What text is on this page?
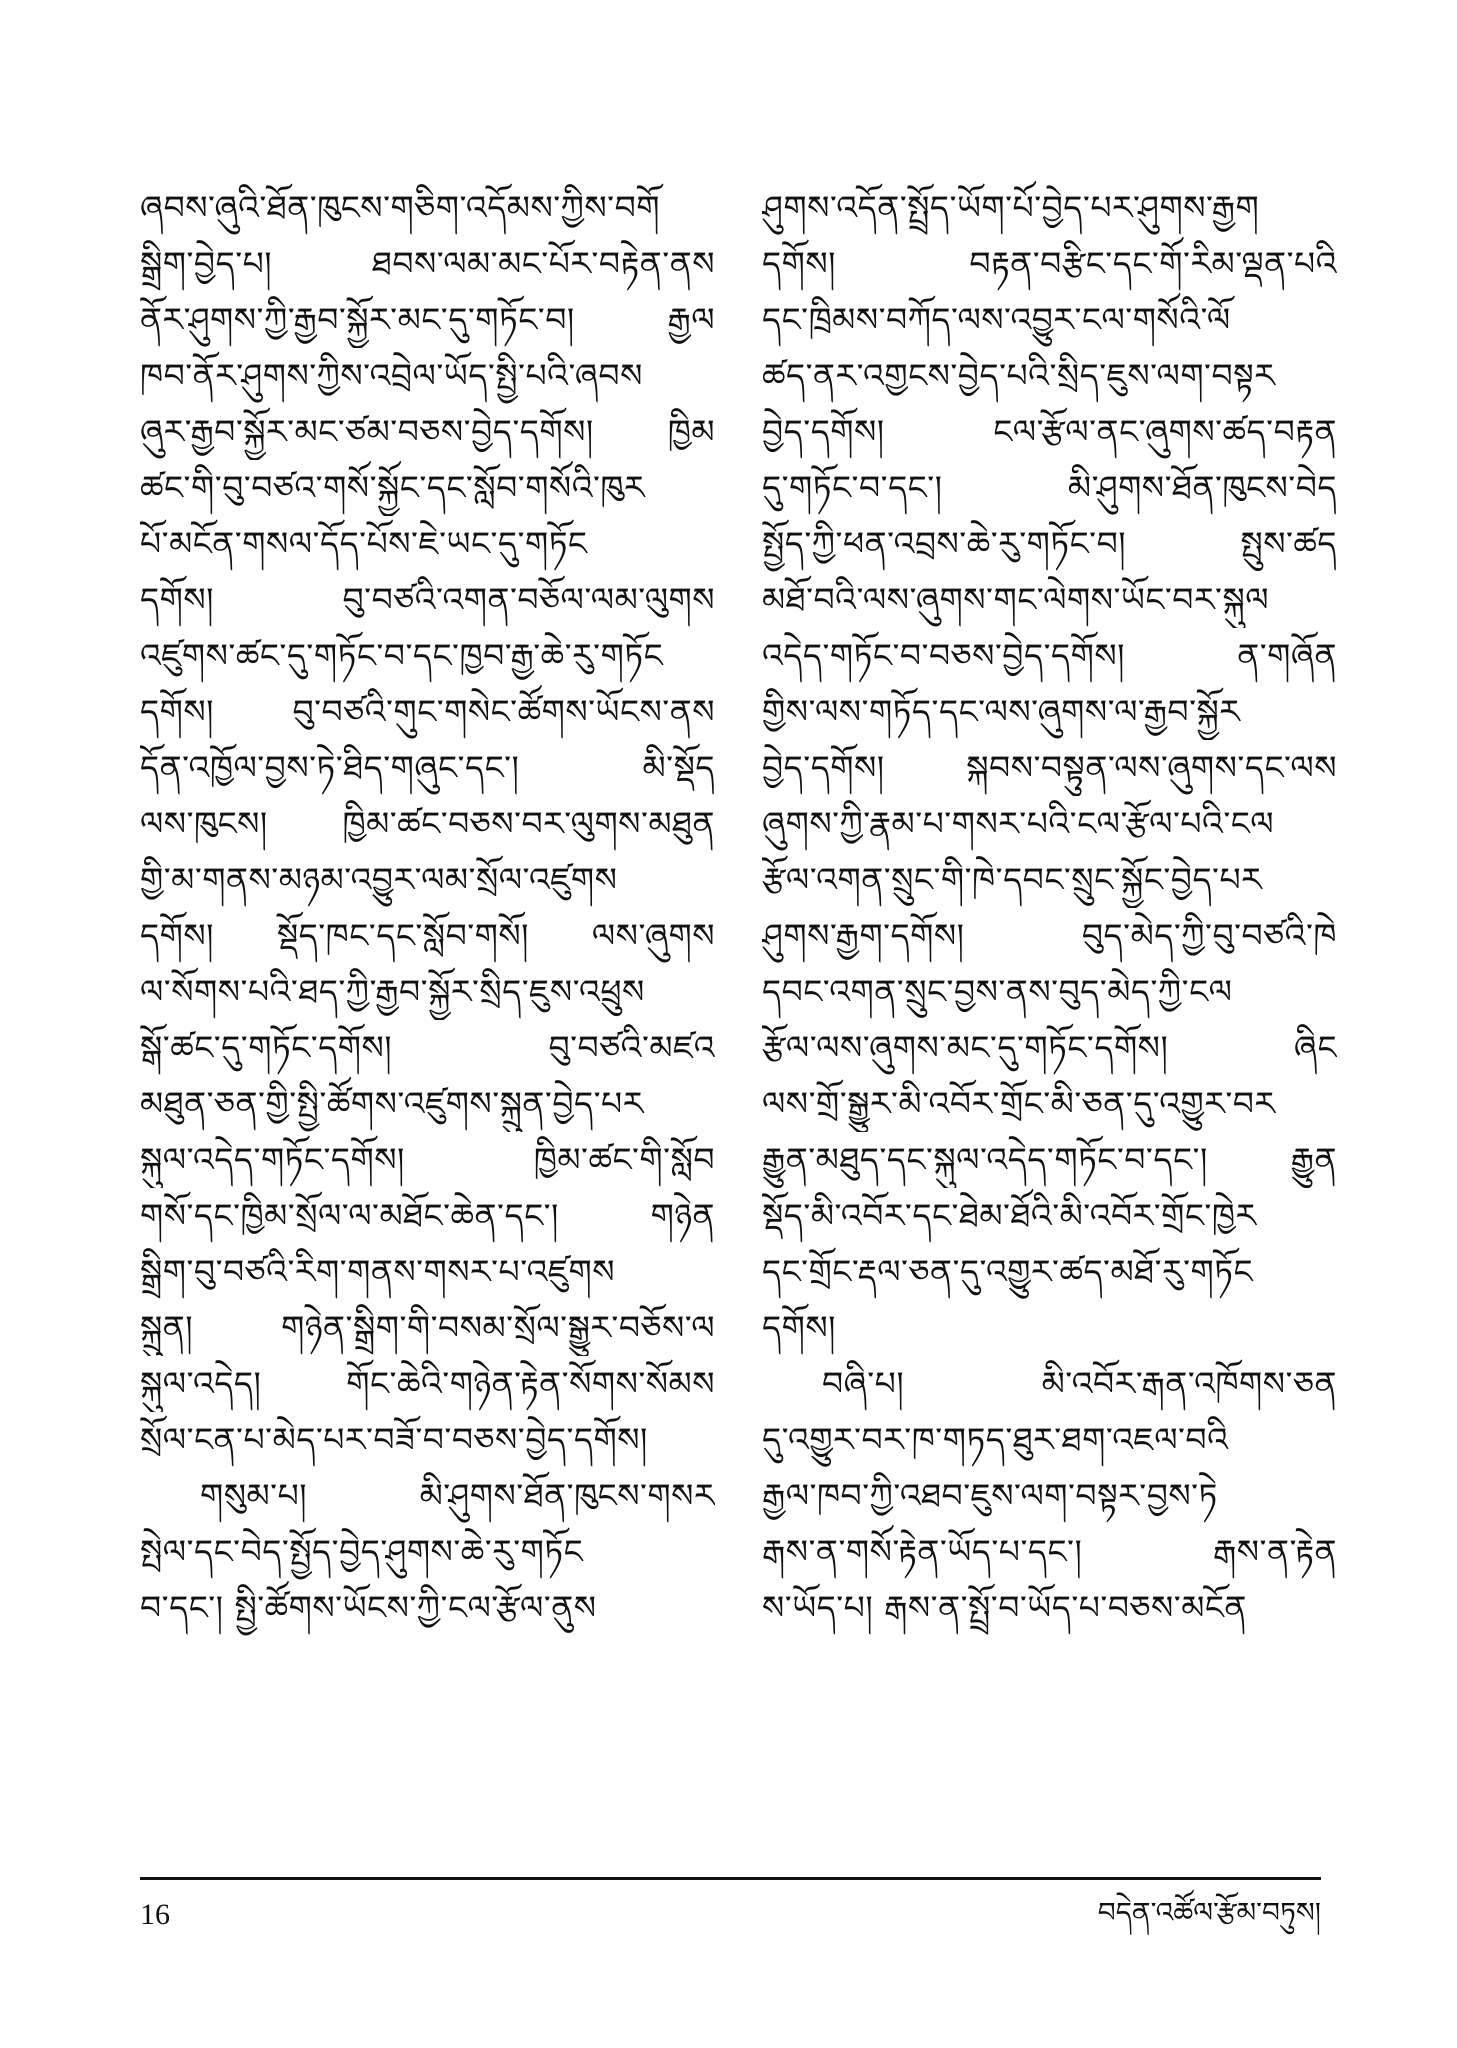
ཞབས་ཞུའི་ཐོན་ཁུངས་གཅིག་འདོམས་ཀྱིས་བགོ
སྒྲིག་བྱེད་པ། ཐབས་ལམ་མང་པོར་བརྟེན་ནས
ནོར་ཤུགས་ཀྱི་རྒྱབ་སྐྱོར་མང་དུ་གཏོང་བ། རྒྱལ
ཁབ་ནོར་ཤུགས་ཀྱིས་འབྲེལ་ཡོད་སྤྱི་པའི་ཞབས
ཞུར་རྒྱབ་སྐྱོར་མང་ཙམ་བཅས་བྱེད་དགོས། ཁྱིམ
ཚང་གི་བུ་བཙའ་གསོ་སྐྱོང་དང་སློབ་གསོའི་ཁུར
པོ་མངོན་གསལ་དོད་པོས་ཇེ་ཡང་དུ་གཏོང
དགོས། བུ་བཙའི་འགན་བཅོལ་ལམ་ལུགས
འཛུགས་ཚང་དུ་གཏོང་བ་དང་ཁྱབ་རྒྱ་ཆེ་རུ་གཏོང
དགོས། བུ་བཙའི་གུང་གསེང་ཚོགས་ཡོངས་ནས
དོན་འཁྱོལ་བྱས་ཏེ་ཐིད་གཞུང་དང་། མི་སྡོད
ལས་ཁུངས། ཁྱིམ་ཚང་བཅས་བར་ལུགས་མཐུན
གྱི་མ་གནས་མཉམ་འབྱུར་ལམ་སྲོལ་འཛུགས
དགོས། སྡོད་ཁང་དང་སློབ་གསོ། ལས་ཞུགས
ལ་སོགས་པའི་ཐད་ཀྱི་རྒྱབ་སྐྱོར་སྲིད་ཇུས་འཕྲུས
སྒོ་ཚང་དུ་གཏོང་དགོས། བུ་བཙའི་མཛའ
མཐུན་ཅན་གྱི་སྤྱི་ཚོགས་འཛུགས་སྐྲུན་བྱེད་པར
སྐུལ་འདེད་གཏོང་དགོས། ཁྱིམ་ཚང་གི་སློབ
གསོ་དང་ཁྱིམ་སྲོལ་ལ་མཐོང་ཆེན་དང་། གཉེན
སྒྲིག་བུ་བཙའི་རིག་གནས་གསར་པ་འཛུགས
སྐྲུན། གཉེན་སྒྲིག་གི་བསམ་སྲོལ་སྒྱུར་བཅོས་ལ
སྐུལ་འདེད། གོང་ཆེའི་གཉེན་རྟེན་སོགས་སོམས
སྲོལ་ངན་པ་མེད་པར་བཟོ་བ་བཅས་བྱེད་དགོས།
གསུམ་པ། མི་ཤུགས་ཐོན་ཁུངས་གསར
སྤེལ་དང་བེད་སྤྱོད་བྱེད་ཤུགས་ཆེ་རུ་གཏོང
བ་དང་། སྤྱི་ཚོགས་ཡོངས་ཀྱི་ངལ་རྩོལ་ནུས
ཤུགས་འདོན་སྤྲོད་ཡོག་པོ་བྱེད་པར་ཤུགས་རྒྱག
དགོས། བརྟན་བརྩིང་དང་གོ་རིམ་ལྡན་པའི
དང་ཁྲིམས་བཀོད་ལས་འབྱུར་ངལ་གསོའི་ལོ
ཚད་ནར་འགྱངས་བྱེད་པའི་སྲིད་ཇུས་ལག་བསྟར
བྱེད་དགོས། ངལ་རྩོལ་ནང་ཞུགས་ཚད་བརྟན
དུ་གཏོང་བ་དང་། མི་ཤུགས་ཐོན་ཁུངས་བེད
སྤྱོད་ཀྱི་ཕན་འབྲས་ཆེ་རུ་གཏོང་བ། སྤུས་ཚད
མཐོ་བའི་ལས་ཞུགས་གང་ལེགས་ཡོང་བར་སྐུལ
འདེད་གཏོང་བ་བཅས་བྱེད་དགོས། ན་གཞོན
གྱིས་ལས་གཏོད་དང་ལས་ཞུགས་ལ་རྒྱབ་སྐྱོར
བྱེད་དགོས། སྐབས་བསྟུན་ལས་ཞུགས་དང་ལས
ཞུགས་ཀྱི་རྣམ་པ་གསར་པའི་ངལ་རྩོལ་པའི་ངལ
རྩོལ་འགན་སྲུང་གི་ཁེ་དབང་སྲུང་སྐྱོང་བྱེད་པར
ཤུགས་རྒྱག་དགོས། བུད་མེད་ཀྱི་བུ་བཙའི་ཁེ
དབང་འགན་སྲུང་བྱས་ནས་བུད་མེད་ཀྱི་ངལ
རྩོལ་ལས་ཞུགས་མང་དུ་གཏོང་དགོས། ཞིང
ལས་གྲོ་སྒྱུར་མི་འབོར་གྲོང་མི་ཅན་དུ་འགྱུར་བར
རྒྱུན་མཐུད་དང་སྐུལ་འདེད་གཏོང་བ་དང་། རྒྱུན
སྡོད་མི་འབོར་དང་ཐེམ་ཐོའི་མི་འབོར་གྲོང་ཁྱེར
དང་གྲོང་རྡལ་ཅན་དུ་འགྱུར་ཚད་མཐོ་རུ་གཏོང
དགོས།
བཞི་པ། མི་འབོར་རྒན་འཁོགས་ཅན
དུ་འགྱུར་བར་ཁ་གཏད་ཐུར་ཐག་འཇལ་བའི
རྒྱལ་ཁབ་ཀྱི་འཐབ་ཇུས་ལག་བསྟར་བྱས་ཏེ
རྒས་ན་གསོ་རྟེན་ཡོད་པ་དང་། རྒས་ན་རྟེན
ས་ཡོད་པ། རྒས་ན་སྤྲོ་བ་ཡོད་པ་བཅས་མངོན
16	བདེན་འཚོལ་རྩོམ་བཏུས།
